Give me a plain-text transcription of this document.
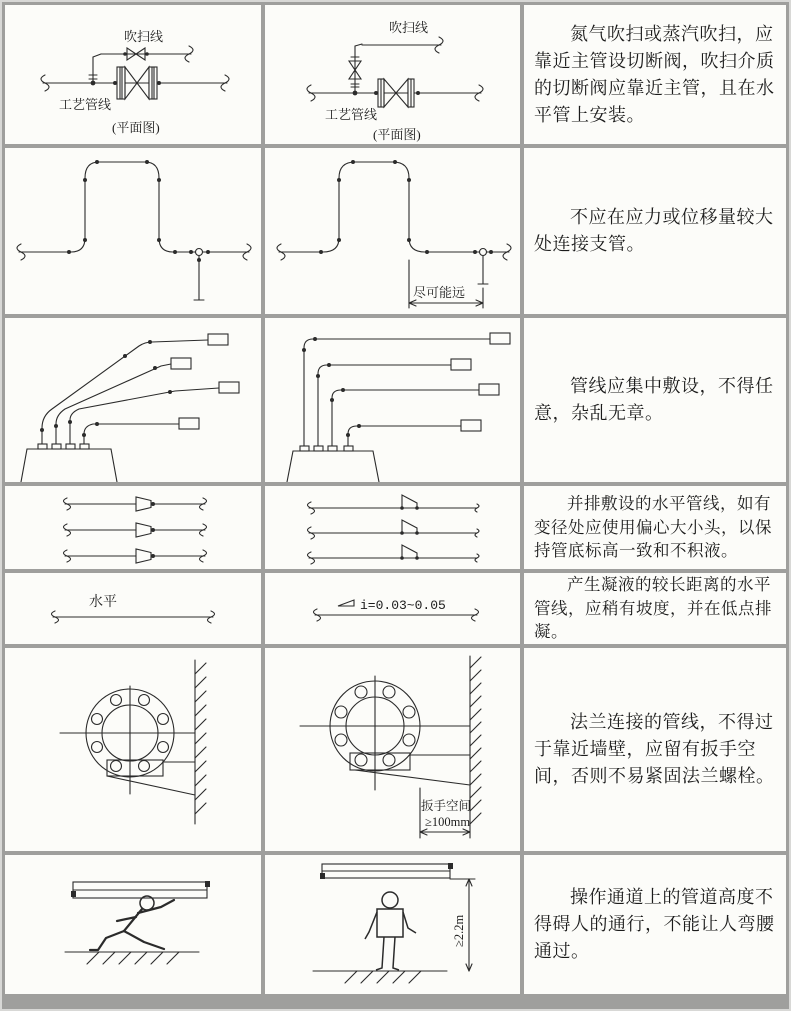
吹扫线
工艺管线
(平面图)
吹扫线
工艺管线
(平面图)

氮气吹扫或蒸汽吹扫，应靠近主管设切断阀，吹扫介质的切断阀应靠近主管，且在水平管上安装。

尽可能远

不应在应力或位移量较大处连接支管。

管线应集中敷设，不得任意，杂乱无章。

并排敷设的水平管线，如有变径处应使用偏心大小头，以保持管底标高一致和不积液。

水平	i=0.03~0.05

产生凝液的较长距离的水平管线，应稍有坡度，并在低点排凝。

扳手空间
≥100mm

法兰连接的管线，不得过于靠近墙壁，应留有扳手空间，否则不易紧固法兰螺栓。

≥2.2m

操作通道上的管道高度不得碍人的通行，不能让人弯腰通过。
